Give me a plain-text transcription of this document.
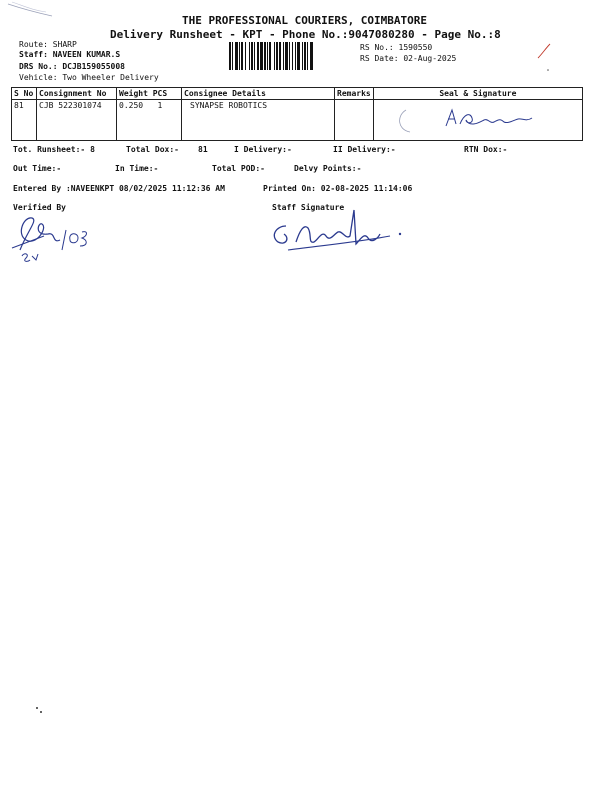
THE PROFESSIONAL COURIERS, COIMBATORE
Delivery Runsheet - KPT - Phone No.:9047080280 - Page No.:8
Route: SHARP
Staff: NAVEEN KUMAR.S
DRS No.: DCJB159055008
Vehicle: Two Wheeler Delivery
RS No.: 1590550
RS Date: 02-Aug-2025
S No	Consignment No	Weight PCS	Consignee Details	Remarks	Seal & Signature
81	CJB 522301074	0.250 1	SYNAPSE ROBOTICS		
Tot. Runsheet:- 8	Total Dox:- 81	I Delivery:-	II Delivery:-	RTN Dox:-
Out Time:-	In Time:-	Total POD:-	Delvy Points:-
Entered By :NAVEENKPT 08/02/2025 11:12:36 AM	Printed On: 02-08-2025 11:14:06
Verified By	Staff Signature
